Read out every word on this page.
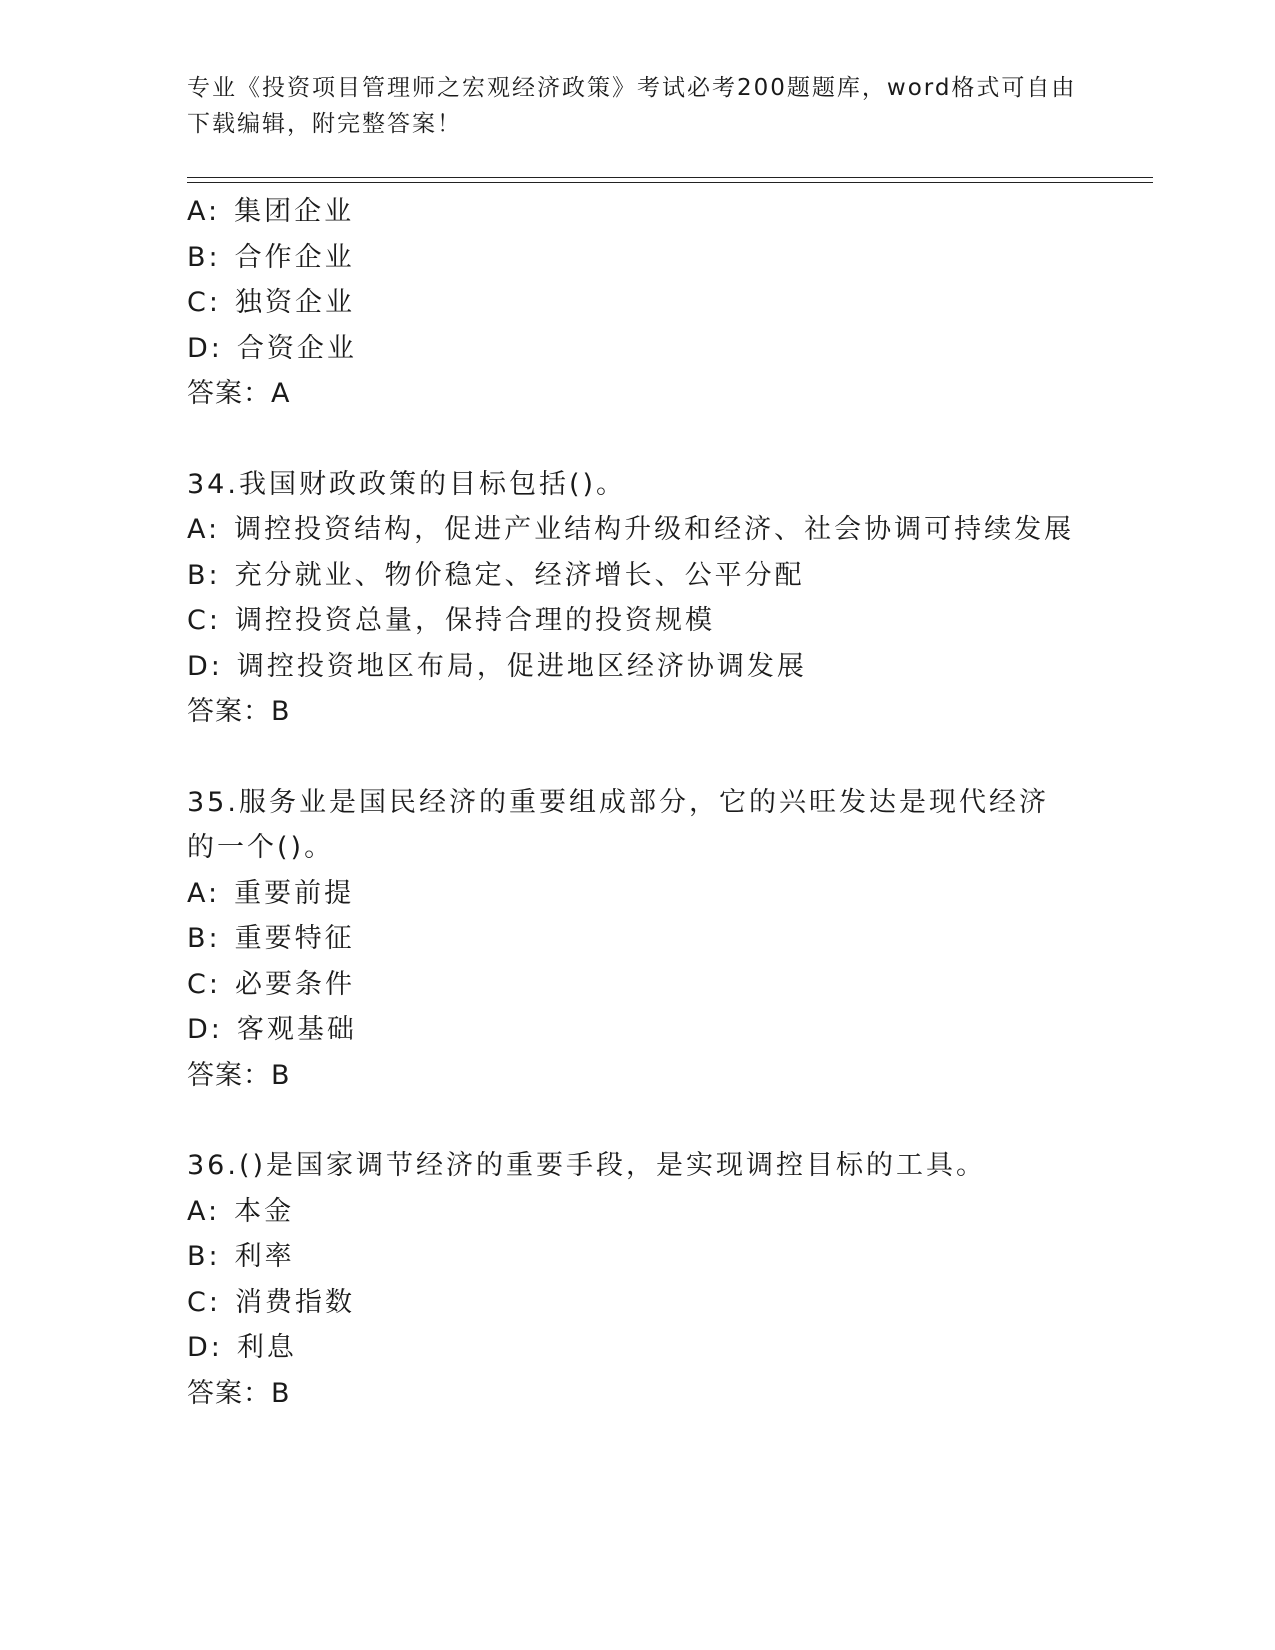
专业《投资项目管理师之宏观经济政策》考试必考200题题库，word格式可自由下载编辑，附完整答案！
A: 集团企业
B: 合作企业
C: 独资企业
D: 合资企业
答案：A
34.我国财政政策的目标包括()。
A: 调控投资结构，促进产业结构升级和经济、社会协调可持续发展
B: 充分就业、物价稳定、经济增长、公平分配
C: 调控投资总量，保持合理的投资规模
D: 调控投资地区布局，促进地区经济协调发展
答案：B
35.服务业是国民经济的重要组成部分，它的兴旺发达是现代经济的一个()。
A: 重要前提
B: 重要特征
C: 必要条件
D: 客观基础
答案：B
36.()是国家调节经济的重要手段，是实现调控目标的工具。
A: 本金
B: 利率
C: 消费指数
D: 利息
答案：B
